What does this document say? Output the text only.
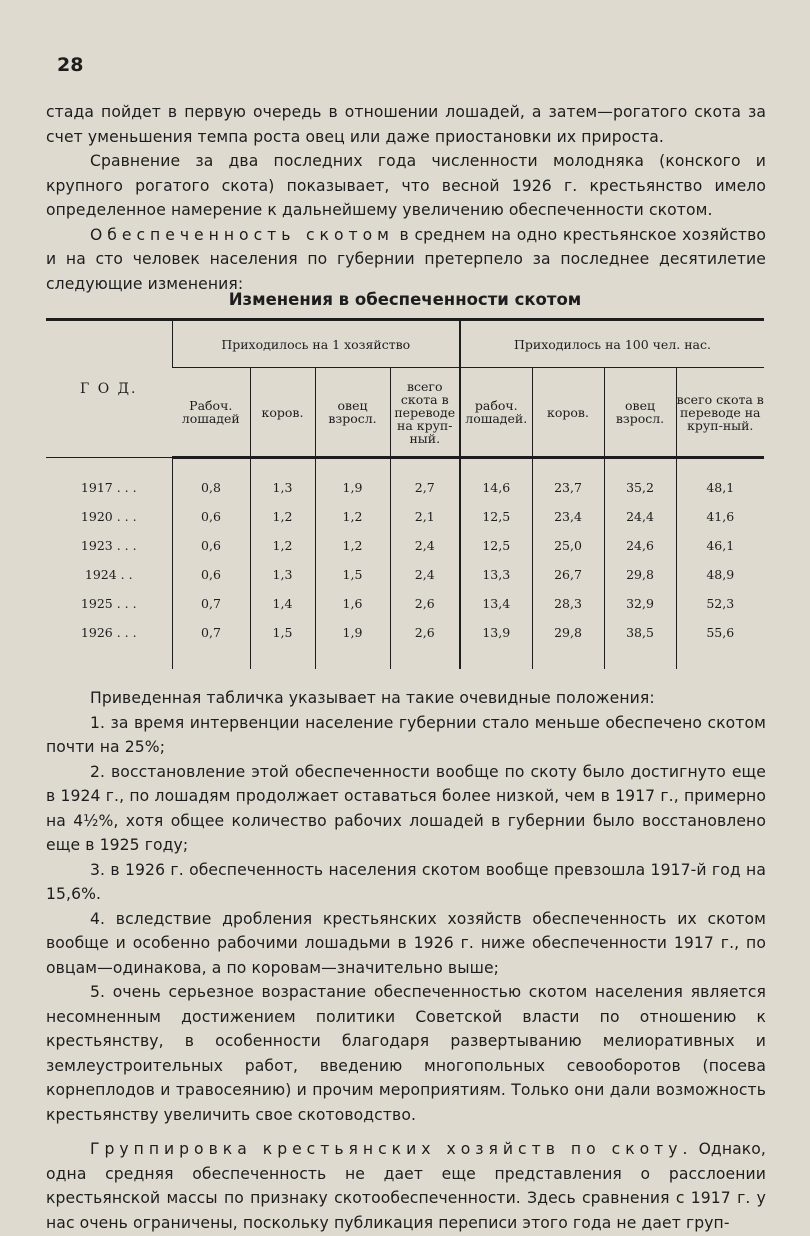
28

стада пойдет в первую очередь в отношении лошадей, а затем—рогатого скота за счет уменьшения темпа роста овец или даже приостановки их прироста.

Сравнение за два последних года численности молодняка (конского и крупного рогатого скота) показывает, что весной 1926 г. крестьянство имело определенное намерение к дальнейшему увеличению обеспеченности скотом.

Обеспеченность скотом в среднем на одно крестьянское хозяйство и на сто человек населения по губернии претерпело за последнее десятилетие следующие изменения:

Изменения в обеспеченности скотом
Г О Д.	Приходилось на 1 хозяйство				Приходилось на 100 чел. нас.			
	Рабоч. лошадей	коров.	овец взросл.	всего скота в переводе на круп-ный.	рабоч. лошадей.	коров.	овец взросл.	всего скота в переводе на круп-ный.
1917 . . .	0,8	1,3	1,9	2,7	14,6	23,7	35,2	48,1
1920 . . .	0,6	1,2	1,2	2,1	12,5	23,4	24,4	41,6
1923 . . .	0,6	1,2	1,2	2,4	12,5	25,0	24,6	46,1
1924 . .	0,6	1,3	1,5	2,4	13,3	26,7	29,8	48,9
1925 . . .	0,7	1,4	1,6	2,6	13,4	28,3	32,9	52,3
1926 . . .	0,7	1,5	1,9	2,6	13,9	29,8	38,5	55,6

Приведенная табличка указывает на такие очевидные положения:

1. за время интервенции население губернии стало меньше обеспечено скотом почти на 25%;

2. восстановление этой обеспеченности вообще по скоту было достигнуто еще в 1924 г., по лошадям продолжает оставаться более низкой, чем в 1917 г., примерно на 4½%, хотя общее количество рабочих лошадей в губернии было восстановлено еще в 1925 году;

3. в 1926 г. обеспеченность населения скотом вообще превзошла 1917-й год на 15,6%.

4. вследствие дробления крестьянских хозяйств обеспеченность их скотом вообще и особенно рабочими лошадьми в 1926 г. ниже обеспеченности 1917 г., по овцам—одинакова, а по коровам—значительно выше;

5. очень серьезное возрастание обеспеченностью скотом населения является несомненным достижением политики Советской власти по отношению к крестьянству, в особенности благодаря развертыванию мелиоративных и землеустроительных работ, введению многопольных севооборотов (посева корнеплодов и травосеянию) и прочим мероприятиям. Только они дали возможность крестьянству увеличить свое скотоводство.

Группировка крестьянских хозяйств по скоту. Однако, одна средняя обеспеченность не дает еще представления о расслоении крестьянской массы по признаку скотообеспеченности. Здесь сравнения с 1917 г. у нас очень ограничены, поскольку публикация переписи этого года не дает груп-
